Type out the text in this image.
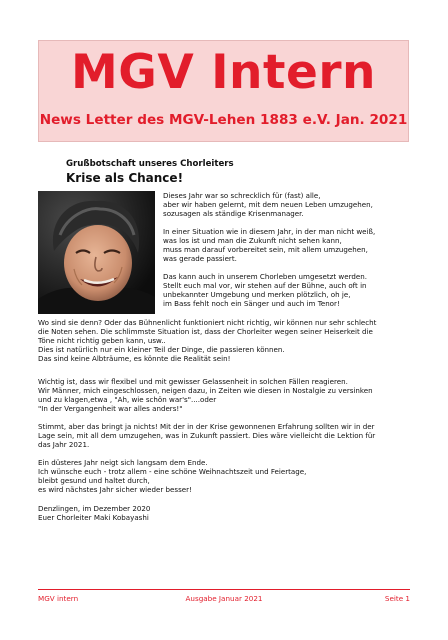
MGV Intern
News Letter des MGV-Lehen 1883 e.V. Jan. 2021
Grußbotschaft unseres Chorleiters
Krise als Chance!

Dieses Jahr war so schrecklich für (fast) alle,
aber wir haben gelernt, mit dem neuen Leben umzugehen,
sozusagen als ständige Krisenmanager.

In einer Situation wie in diesem Jahr, in der man nicht weiß,
was los ist und man die Zukunft nicht sehen kann,
muss man darauf vorbereitet sein, mit allem umzugehen,
was gerade passiert.

Das kann auch in unserem Chorleben umgesetzt werden.
Stellt euch mal vor, wir stehen auf der Bühne, auch oft in
unbekannter Umgebung und merken plötzlich, oh je,
im Bass fehlt noch ein Sänger und auch im Tenor!

Wo sind sie denn? Oder das Bühnenlicht funktioniert nicht richtig, wir können nur sehr schlecht
die Noten sehen. Die schlimmste Situation ist, dass der Chorleiter wegen seiner Heiserkeit die
Töne nicht richtig geben kann, usw..
Dies ist natürlich nur ein kleiner Teil der Dinge, die passieren können.
Das sind keine Albträume, es könnte die Realität sein!

Wichtig ist, dass wir flexibel und mit gewisser Gelassenheit in solchen Fällen reagieren.
Wir Männer, mich eingeschlossen, neigen dazu, in Zeiten wie diesen in Nostalgie zu versinken
und zu klagen,etwa , "Ah, wie schön war's"....oder
"In der Vergangenheit war alles anders!"

Stimmt, aber das bringt ja nichts! Mit der in der Krise gewonnenen Erfahrung sollten wir in der
Lage sein, mit all dem umzugehen, was in Zukunft passiert. Dies wäre vielleicht die Lektion für
das Jahr 2021.

Ein düsteres Jahr neigt sich langsam dem Ende.
Ich wünsche euch - trotz allem - eine schöne Weihnachtszeit und Feiertage,
bleibt gesund und haltet durch,
es wird nächstes Jahr sicher wieder besser!

Denzlingen, im Dezember 2020
Euer Chorleiter Maki Kobayashi

Ausgabe Januar 2021
MGV intern	Seite 1
